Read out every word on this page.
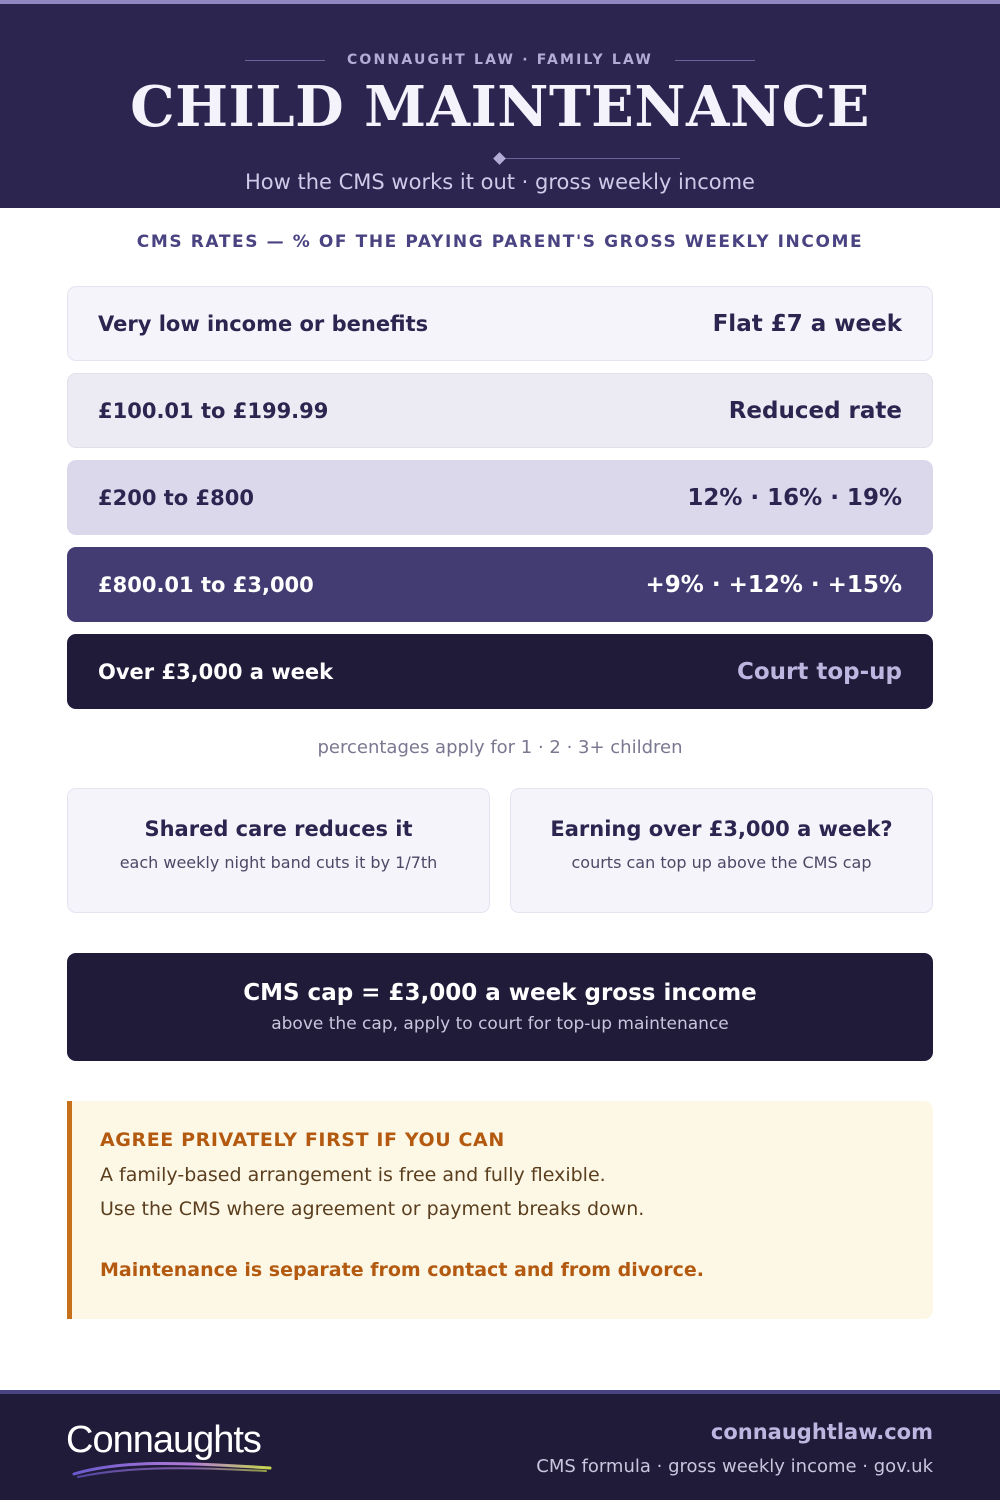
CONNAUGHT LAW · FAMILY LAW
CHILD MAINTENANCE
How the CMS works it out · gross weekly income
CMS RATES — % OF THE PAYING PARENT'S GROSS WEEKLY INCOME
Very low income or benefits	Flat £7 a week
£100.01 to £199.99	Reduced rate
£200 to £800	12% · 16% · 19%
£800.01 to £3,000	+9% · +12% · +15%
Over £3,000 a week	Court top-up
percentages apply for 1 · 2 · 3+ children
Shared care reduces it
each weekly night band cuts it by 1/7th
Earning over £3,000 a week?
courts can top up above the CMS cap
CMS cap = £3,000 a week gross income
above the cap, apply to court for top-up maintenance
AGREE PRIVATELY FIRST IF YOU CAN
A family-based arrangement is free and fully flexible.
Use the CMS where agreement or payment breaks down.
Maintenance is separate from contact and from divorce.
Connaughts	connaughtlaw.com
CMS formula · gross weekly income · gov.uk
